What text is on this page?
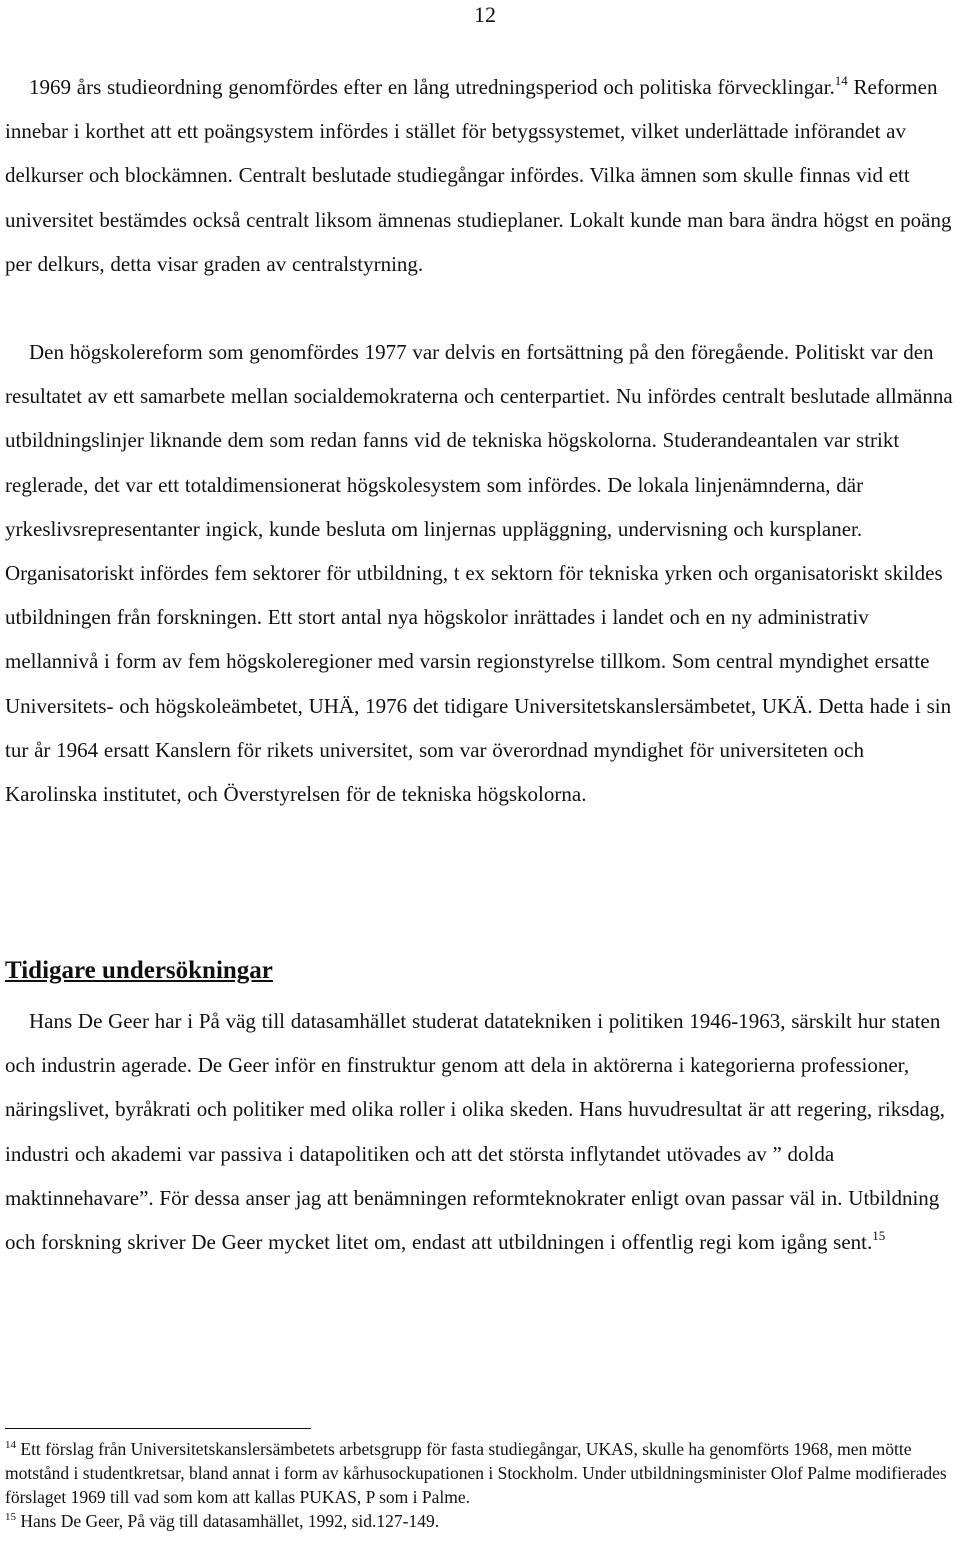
12

1969 års studieordning genomfördes efter en lång utredningsperiod och politiska förvecklingar.$^{14}$ Reformen innebar i korthet att ett poängsystem infördes i stället för betygssystemet, vilket underlättade införandet av delkurser och blockämnen. Centralt beslutade studiegångar infördes. Vilka ämnen som skulle finnas vid ett universitet bestämdes också centralt liksom ämnenas studieplaner. Lokalt kunde man bara ändra högst en poäng per delkurs, detta visar graden av centralstyrning.

Den högskolereform som genomfördes 1977 var delvis en fortsättning på den föregående. Politiskt var den resultatet av ett samarbete mellan socialdemokraterna och centerpartiet. Nu infördes centralt beslutade allmänna utbildningslinjer liknande dem som redan fanns vid de tekniska högskolorna. Studerandeantalen var strikt reglerade, det var ett totaldimensionerat högskolesystem som infördes. De lokala linjenämnderna, där yrkeslivsrepresentanter ingick, kunde besluta om linjernas uppläggning, undervisning och kursplaner. Organisatoriskt infördes fem sektorer för utbildning, t ex sektorn för tekniska yrken och organisatoriskt skildes utbildningen från forskningen. Ett stort antal nya högskolor inrättades i landet och en ny administrativ mellannivå i form av fem högskoleregioner med varsin regionstyrelse tillkom. Som central myndighet ersatte Universitets- och högskoleämbetet, UHÄ, 1976 det tidigare Universitetskanslersämbetet, UKÄ. Detta hade i sin tur år 1964 ersatt Kanslern för rikets universitet, som var överordnad myndighet för universiteten och Karolinska institutet, och Överstyrelsen för de tekniska högskolorna.

Tidigare undersökningar

Hans De Geer har i På väg till datasamhället studerat datatekniken i politiken 1946-1963, särskilt hur staten och industrin agerade. De Geer inför en finstruktur genom att dela in aktörerna i kategorierna professioner, näringslivet, byråkrati och politiker med olika roller i olika skeden. Hans huvudresultat är att regering, riksdag, industri och akademi var passiva i datapolitiken och att det största inflytandet utövades av ” dolda maktinnehavare”. För dessa anser jag att benämningen reformteknokrater enligt ovan passar väl in. Utbildning och forskning skriver De Geer mycket litet om, endast att utbildningen i offentlig regi kom igång sent.$^{15}$

$^{14}$ Ett förslag från Universitetskanslersämbetets arbetsgrupp för fasta studiegångar, UKAS, skulle ha genomförts 1968, men mötte motstånd i studentkretsar, bland annat i form av kårhusockupationen i Stockholm. Under utbildningsminister Olof Palme modifierades förslaget 1969 till vad som kom att kallas PUKAS, P som i Palme.

$^{15}$ Hans De Geer, På väg till datasamhället, 1992, sid.127-149.
